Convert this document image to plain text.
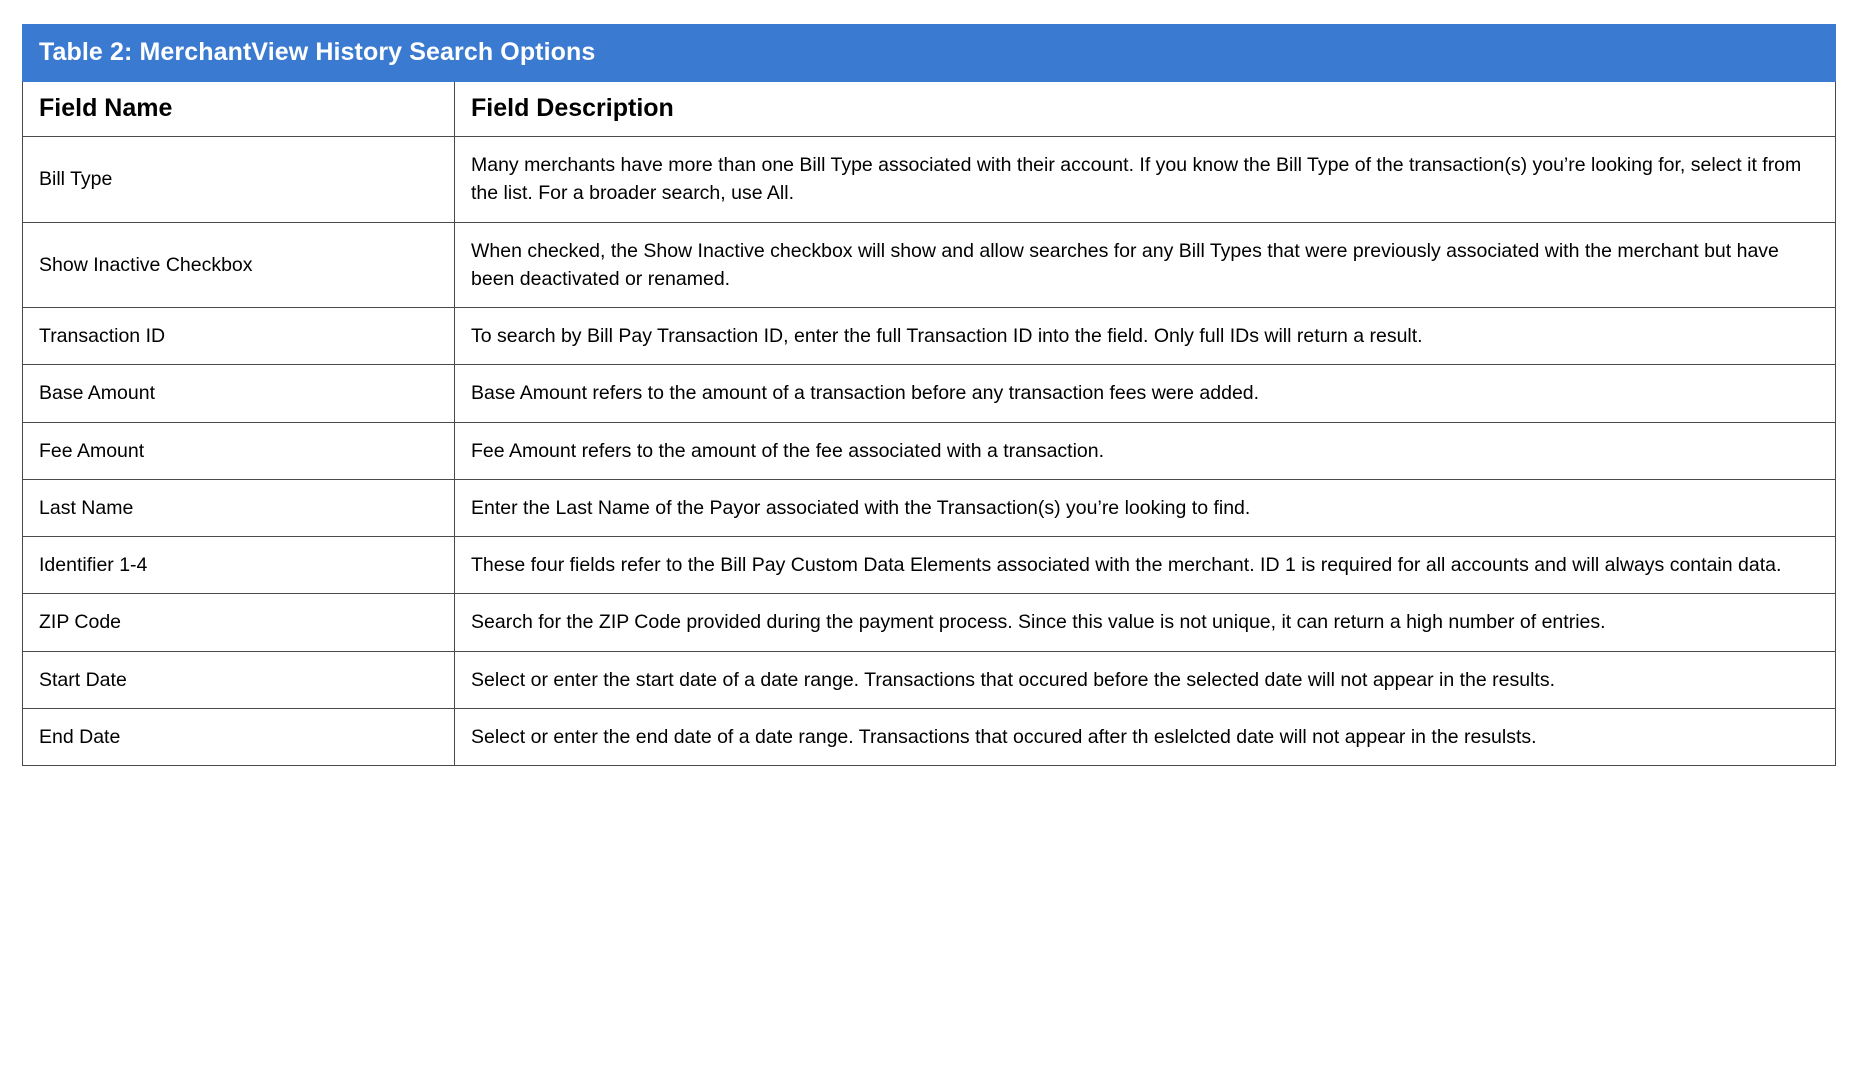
Table 2: MerchantView History Search Options	
Field Name	Field Description
Bill Type	Many merchants have more than one Bill Type associated with their account. If you know the Bill Type of the transaction(s) you’re looking for, select it from the list. For a broader search, use All.
Show Inactive Checkbox	When checked, the Show Inactive checkbox will show and allow searches for any Bill Types that were previously associated with the merchant but have been deactivated or renamed.
Transaction ID	To search by Bill Pay Transaction ID, enter the full Transaction ID into the field. Only full IDs will return a result.
Base Amount	Base Amount refers to the amount of a transaction before any transaction fees were added.
Fee Amount	Fee Amount refers to the amount of the fee associated with a transaction.
Last Name	Enter the Last Name of the Payor associated with the Transaction(s) you’re looking to find.
Identifier 1-4	These four fields refer to the Bill Pay Custom Data Elements associated with the merchant. ID 1 is required for all accounts and will always contain data.
ZIP Code	Search for the ZIP Code provided during the payment process. Since this value is not unique, it can return a high number of entries.
Start Date	Select or enter the start date of a date range. Transactions that occured before the selected date will not appear in the results.
End Date	Select or enter the end date of a date range. Transactions that occured after th eslelcted date will not appear in the resulsts.
